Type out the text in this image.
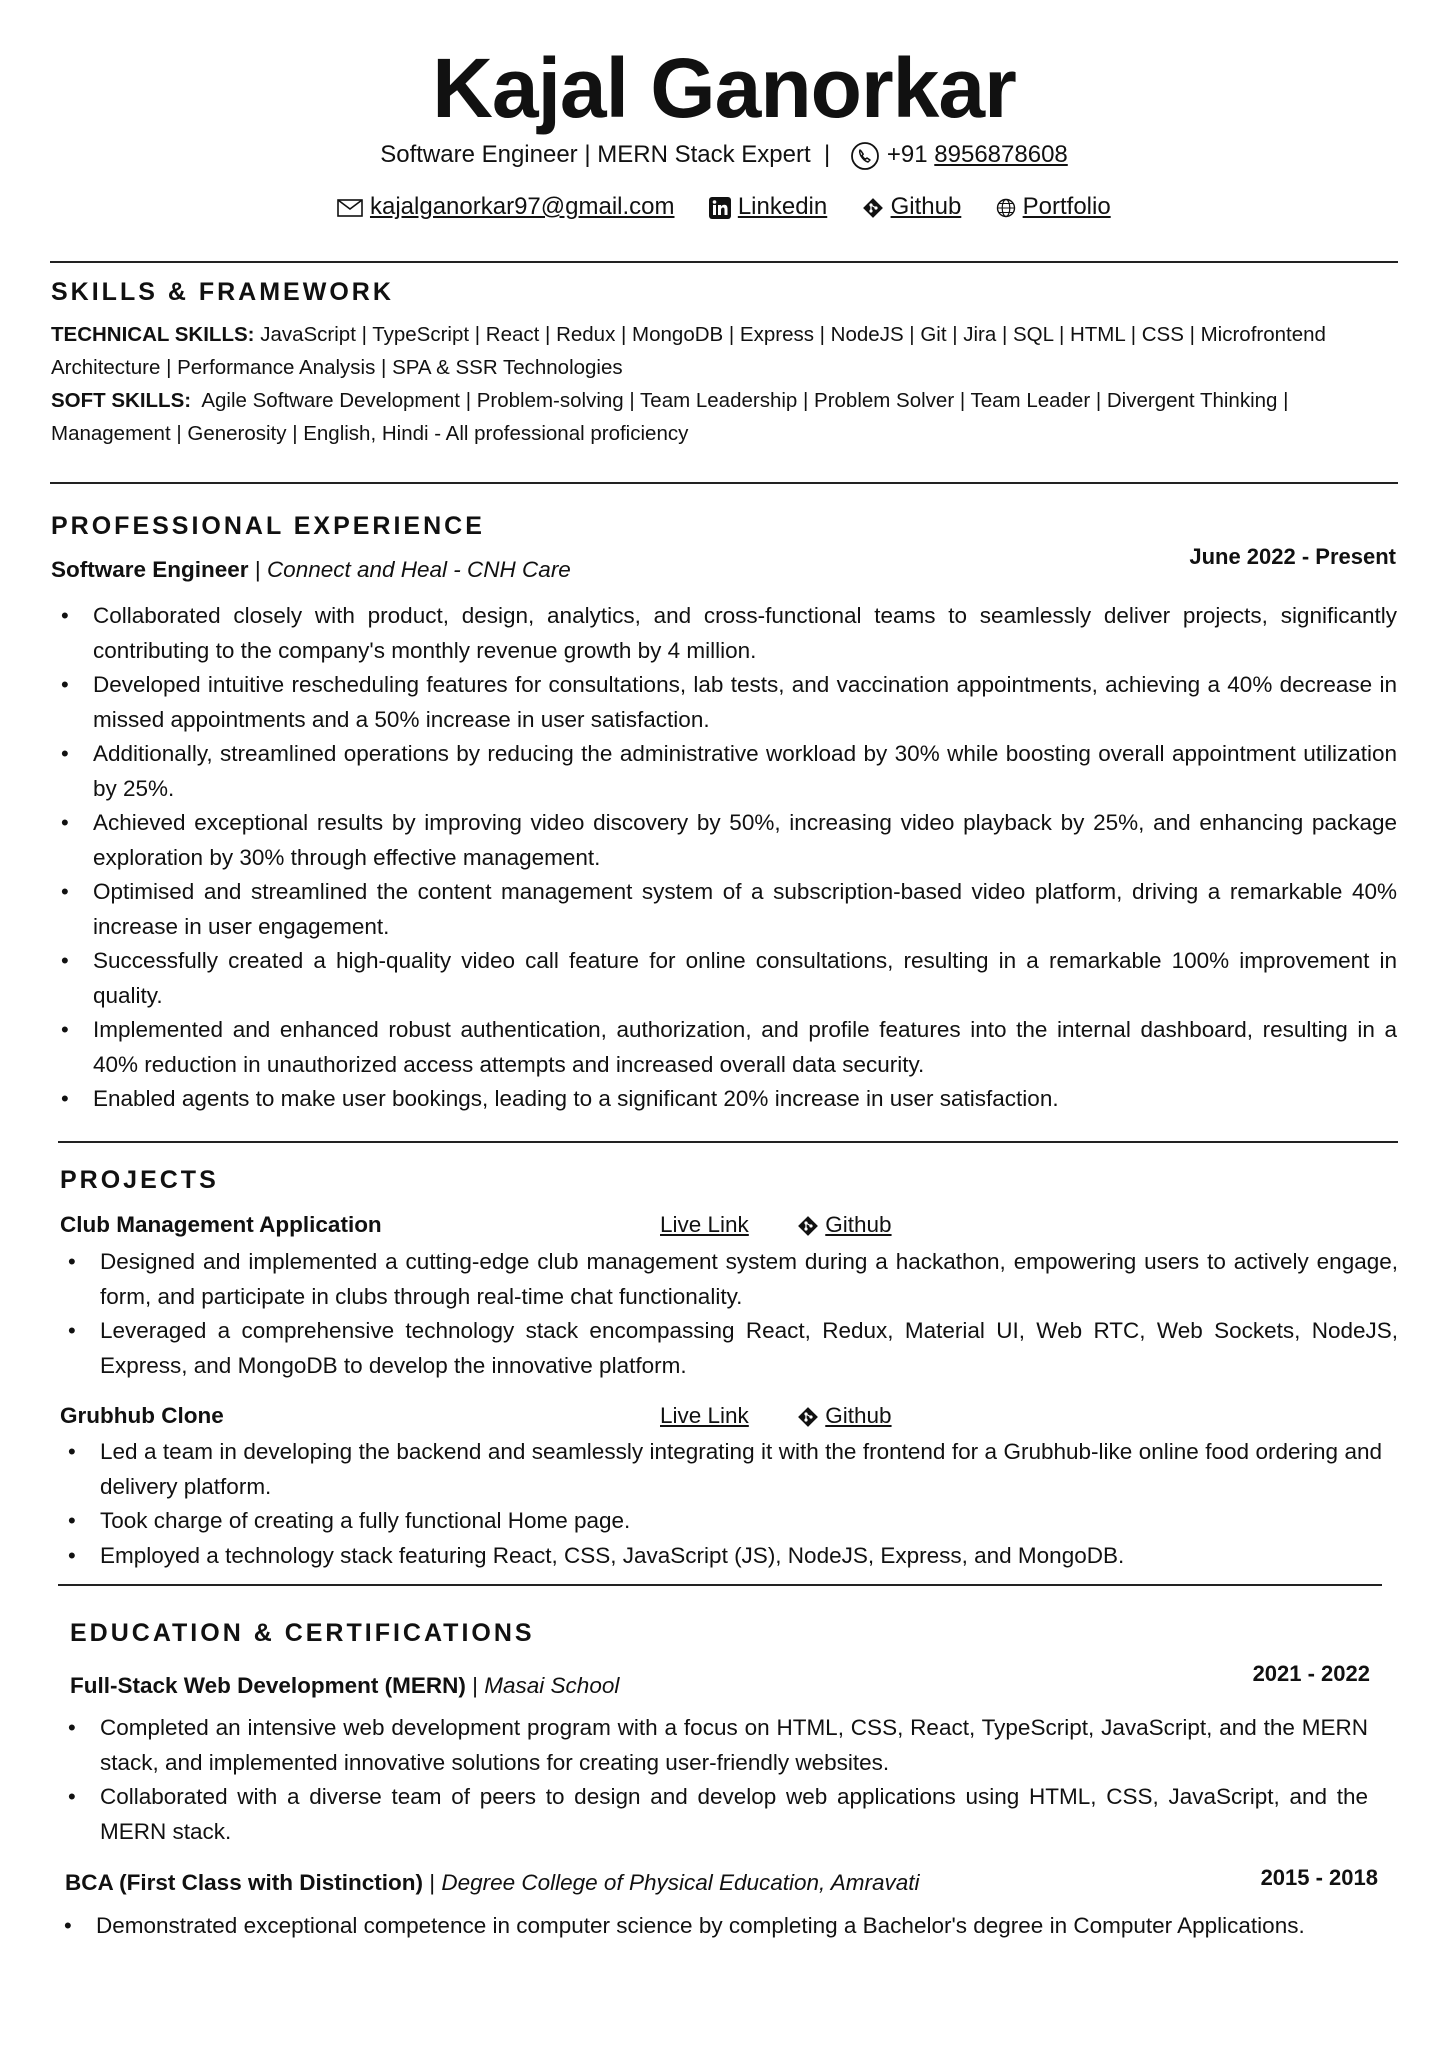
Kajal Ganorkar
Software Engineer | MERN Stack Expert  |    +91 8956878608
kajalganorkar97@gmail.com	Linkedin	Github	Portfolio
SKILLS & FRAMEWORK
TECHNICAL SKILLS: JavaScript | TypeScript | React | Redux | MongoDB | Express | NodeJS | Git | Jira | SQL | HTML | CSS | Microfrontend Architecture | Performance Analysis | SPA & SSR Technologies
SOFT SKILLS: Agile Software Development | Problem-solving | Team Leadership | Problem Solver | Team Leader | Divergent Thinking | Management | Generosity | English, Hindi - All professional proficiency
PROFESSIONAL EXPERIENCE
June 2022 - Present
Software Engineer | Connect and Heal - CNH Care
• Collaborated closely with product, design, analytics, and cross-functional teams to seamlessly deliver projects, significantly contributing to the company's monthly revenue growth by 4 million.
• Developed intuitive rescheduling features for consultations, lab tests, and vaccination appointments, achieving a 40% decrease in missed appointments and a 50% increase in user satisfaction.
• Additionally, streamlined operations by reducing the administrative workload by 30% while boosting overall appointment utilization by 25%.
• Achieved exceptional results by improving video discovery by 50%, increasing video playback by 25%, and enhancing package exploration by 30% through effective management.
• Optimised and streamlined the content management system of a subscription-based video platform, driving a remarkable 40% increase in user engagement.
• Successfully created a high-quality video call feature for online consultations, resulting in a remarkable 100% improvement in quality.
• Implemented and enhanced robust authentication, authorization, and profile features into the internal dashboard, resulting in a 40% reduction in unauthorized access attempts and increased overall data security.
• Enabled agents to make user bookings, leading to a significant 20% increase in user satisfaction.
PROJECTS
Club Management Application	Live Link	Github
• Designed and implemented a cutting-edge club management system during a hackathon, empowering users to actively engage, form, and participate in clubs through real-time chat functionality.
• Leveraged a comprehensive technology stack encompassing React, Redux, Material UI, Web RTC, Web Sockets, NodeJS, Express, and MongoDB to develop the innovative platform.
Grubhub Clone	Live Link	Github
• Led a team in developing the backend and seamlessly integrating it with the frontend for a Grubhub-like online food ordering and delivery platform.
• Took charge of creating a fully functional Home page.
• Employed a technology stack featuring React, CSS, JavaScript (JS), NodeJS, Express, and MongoDB.
EDUCATION & CERTIFICATIONS
2021 - 2022
Full-Stack Web Development (MERN) | Masai School
• Completed an intensive web development program with a focus on HTML, CSS, React, TypeScript, JavaScript, and the MERN stack, and implemented innovative solutions for creating user-friendly websites.
• Collaborated with a diverse team of peers to design and develop web applications using HTML, CSS, JavaScript, and the MERN stack.
2015 - 2018
BCA (First Class with Distinction) | Degree College of Physical Education, Amravati
• Demonstrated exceptional competence in computer science by completing a Bachelor's degree in Computer Applications.
